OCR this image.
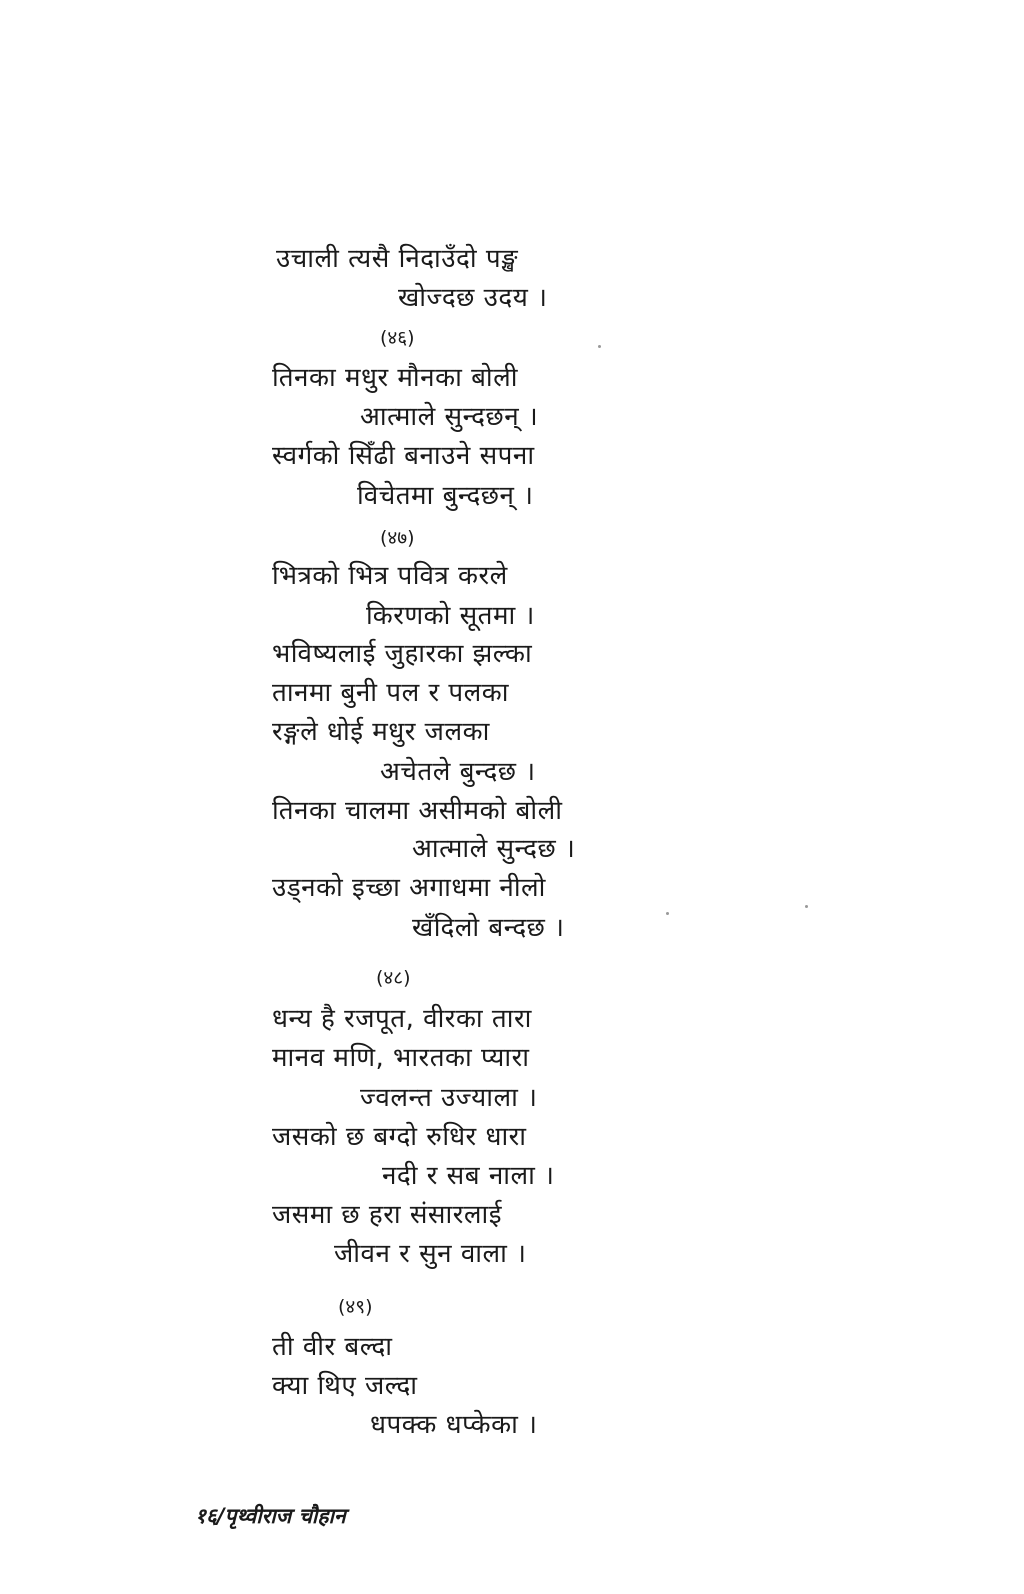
उचाली त्यसै निदाउँदो पङ्ख
खोज्दछ उदय ।
(४६)
तिनका मधुर मौनका बोली
आत्माले सुन्दछन् ।
स्वर्गको सिँढी बनाउने सपना
विचेतमा बुन्दछन् ।
(४७)
भित्रको भित्र पवित्र करले
किरणको सूतमा ।
भविष्यलाई जुहारका झल्का
तानमा बुनी पल र पलका
रङ्गले धोई मधुर जलका
अचेतले बुन्दछ ।
तिनका चालमा असीमको बोली
आत्माले सुन्दछ ।
उड्नको इच्छा अगाधमा नीलो
खँदिलो बन्दछ ।
(४८)
धन्य है रजपूत, वीरका तारा
मानव मणि, भारतका प्यारा
ज्वलन्त उज्याला ।
जसको छ बग्दो रुधिर धारा
नदी र सब नाला ।
जसमा छ हरा संसारलाई
जीवन र सुन वाला ।
(४९)
ती वीर बल्दा
क्या थिए जल्दा
धपक्क धप्केका ।
१६/पृथ्वीराज चौहान
